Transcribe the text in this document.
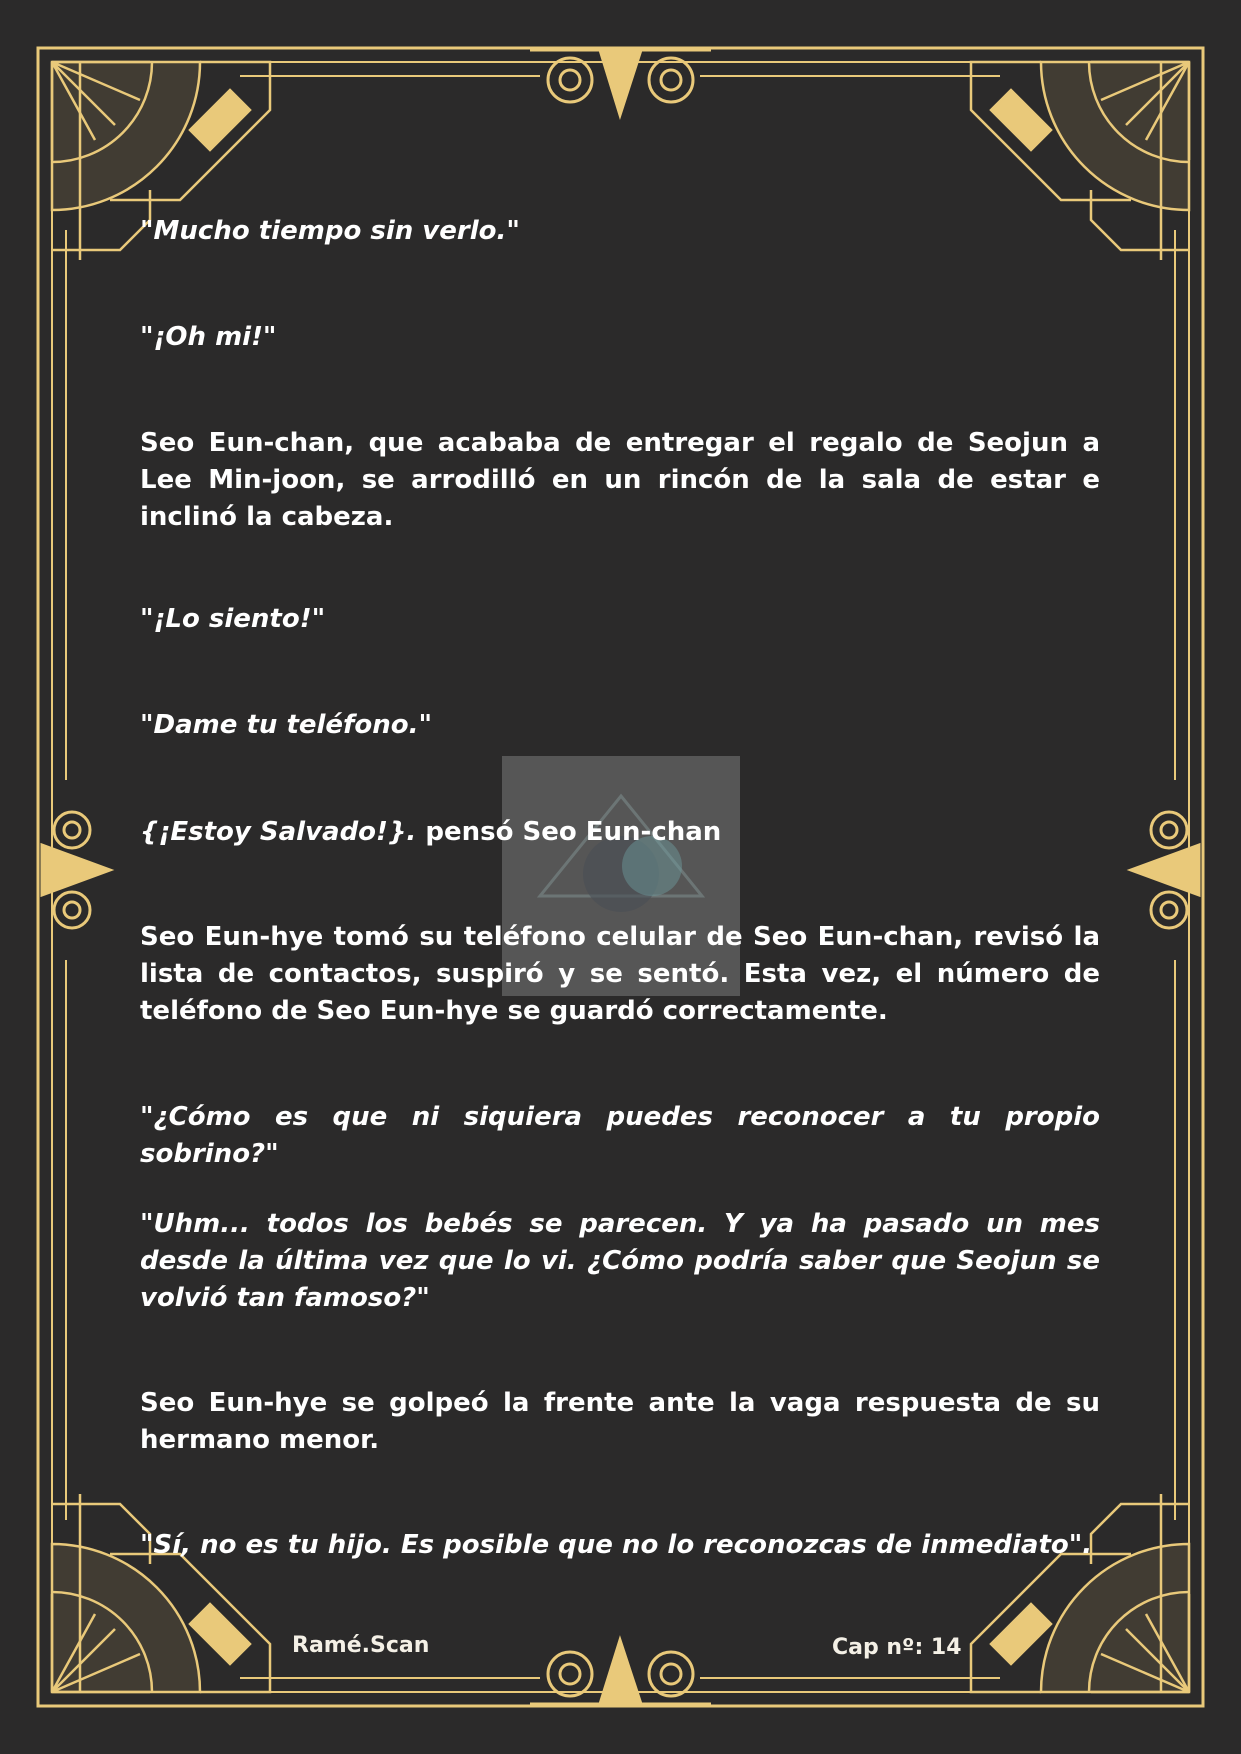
"Mucho tiempo sin verlo."

"¡Oh mi!"

Seo Eun-chan, que acababa de entregar el regalo de Seojun a Lee Min-joon, se arrodilló en un rincón de la sala de estar e inclinó la cabeza.

"¡Lo siento!"

"Dame tu teléfono."

{¡Estoy Salvado!}. pensó Seo Eun-chan

Seo Eun-hye tomó su teléfono celular de Seo Eun-chan, revisó la lista de contactos, suspiró y se sentó. Esta vez, el número de teléfono de Seo Eun-hye se guardó correctamente.

"¿Cómo es que ni siquiera puedes reconocer a tu propio sobrino?"

"Uhm... todos los bebés se parecen. Y ya ha pasado un mes desde la última vez que lo vi. ¿Cómo podría saber que Seojun se volvió tan famoso?"

Seo Eun-hye se golpeó la frente ante la vaga respuesta de su hermano menor.

"Sí, no es tu hijo. Es posible que no lo reconozcas de inmediato".

Ramé.Scan	Cap nº: 14
